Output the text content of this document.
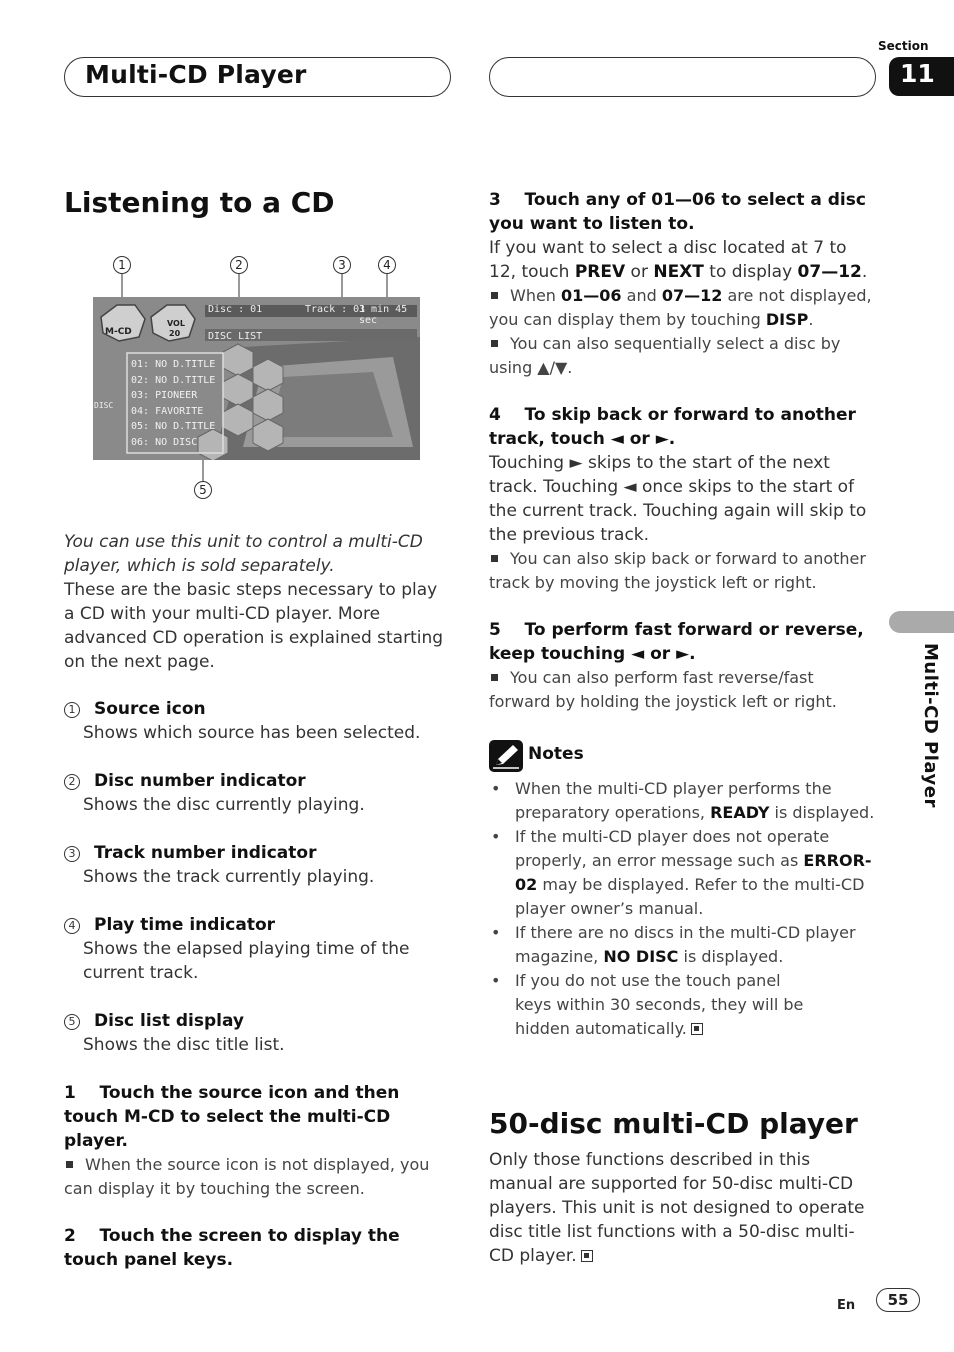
Multi-CD Player
Section
11
Multi-CD Player
Listening to a CD
1	2	3	4
5
M-CD
VOL
20
Disc : 01	Track : 01
3 min 45 sec
DISC LIST
DISC
01: NO D.TITLE
02: NO D.TITLE
03: PIONEER
04: FAVORITE
05: NO D.TITLE
06: NO DISC

You can use this unit to control a multi-CD player, which is sold separately.

These are the basic steps necessary to play a CD with your multi-CD player. More advanced CD operation is explained starting on the next page.

1 Source icon

Shows which source has been selected.

2 Disc number indicator

Shows the disc currently playing.

3 Track number indicator

Shows the track currently playing.

4 Play time indicator

Shows the elapsed playing time of the current track.

5 Disc list display

Shows the disc title list.

1    Touch the source icon and then touch M-CD to select the multi-CD player.

When the source icon is not displayed, you can display it by touching the screen.

2    Touch the screen to display the touch panel keys.

3    Touch any of 01—06 to select a disc you want to listen to.

If you want to select a disc located at 7 to 12, touch PREV or NEXT to display 07—12.

When 01—06 and 07—12 are not displayed, you can display them by touching DISP.

You can also sequentially select a disc by using ▲/▼.

4    To skip back or forward to another track, touch ◄ or ►.

Touching ► skips to the start of the next track. Touching ◄ once skips to the start of the current track. Touching again will skip to the previous track.

You can also skip back or forward to another track by moving the joystick left or right.

5    To perform fast forward or reverse, keep touching ◄ or ►.

You can also perform fast reverse/fast forward by holding the joystick left or right.

Notes

• When the multi-CD player performs the preparatory operations, READY is displayed.

• If the multi-CD player does not operate properly, an error message such as ERROR-02 may be displayed. Refer to the multi-CD player owner’s manual.

• If there are no discs in the multi-CD player magazine, NO DISC is displayed.

• If you do not use the touch panel keys within 30 seconds, they will be hidden automatically.

50-disc multi-CD player

Only those functions described in this manual are supported for 50-disc multi-CD players. This unit is not designed to operate disc title list functions with a 50-disc multi-CD player.

En	55
